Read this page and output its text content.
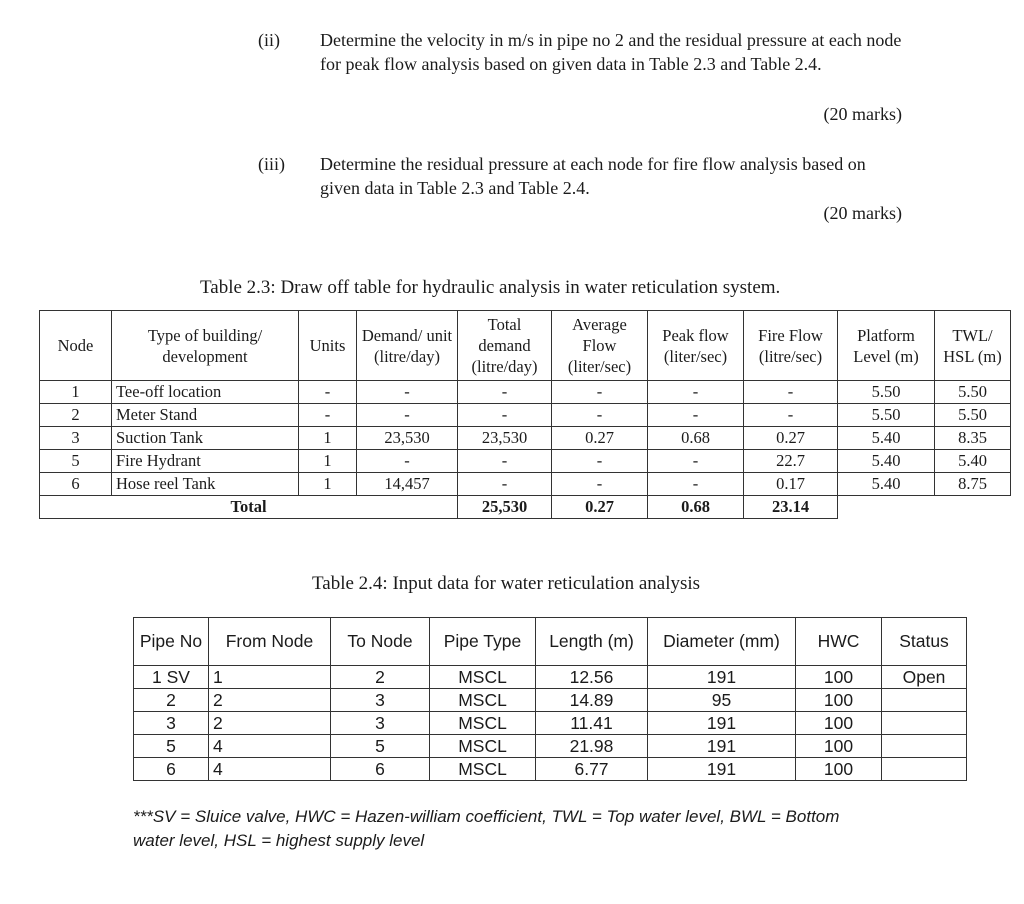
(ii) Determine the velocity in m/s in pipe no 2 and the residual pressure at each node for peak flow analysis based on given data in Table 2.3 and Table 2.4.
(20 marks)
(iii) Determine the residual pressure at each node for fire flow analysis based on given data in Table 2.3 and Table 2.4.
(20 marks)
Table 2.3: Draw off table for hydraulic analysis in water reticulation system.
Node	Type of building/ development	Units	Demand/ unit (litre/day)	Total demand (litre/day)	Average Flow (liter/sec)	Peak flow (liter/sec)	Fire Flow (litre/sec)	Platform Level (m)	TWL/ HSL (m)
1	Tee-off location	-	-	-	-	-	-	5.50	5.50
2	Meter Stand	-	-	-	-	-	-	5.50	5.50
3	Suction Tank	1	23,530	23,530	0.27	0.68	0.27	5.40	8.35
5	Fire Hydrant	1	-	-	-	-	22.7	5.40	5.40
6	Hose reel Tank	1	14,457	-	-	-	0.17	5.40	8.75
Total				25,530	0.27	0.68	23.14		
Table 2.4: Input data for water reticulation analysis
Pipe No	From Node	To Node	Pipe Type	Length (m)	Diameter (mm)	HWC	Status
1 SV	1	2	MSCL	12.56	191	100	Open
2	2	3	MSCL	14.89	95	100	
3	2	3	MSCL	11.41	191	100	
5	4	5	MSCL	21.98	191	100	
6	4	6	MSCL	6.77	191	100	
***SV = Sluice valve, HWC = Hazen-william coefficient, TWL = Top water level, BWL = Bottom water level, HSL = highest supply level
